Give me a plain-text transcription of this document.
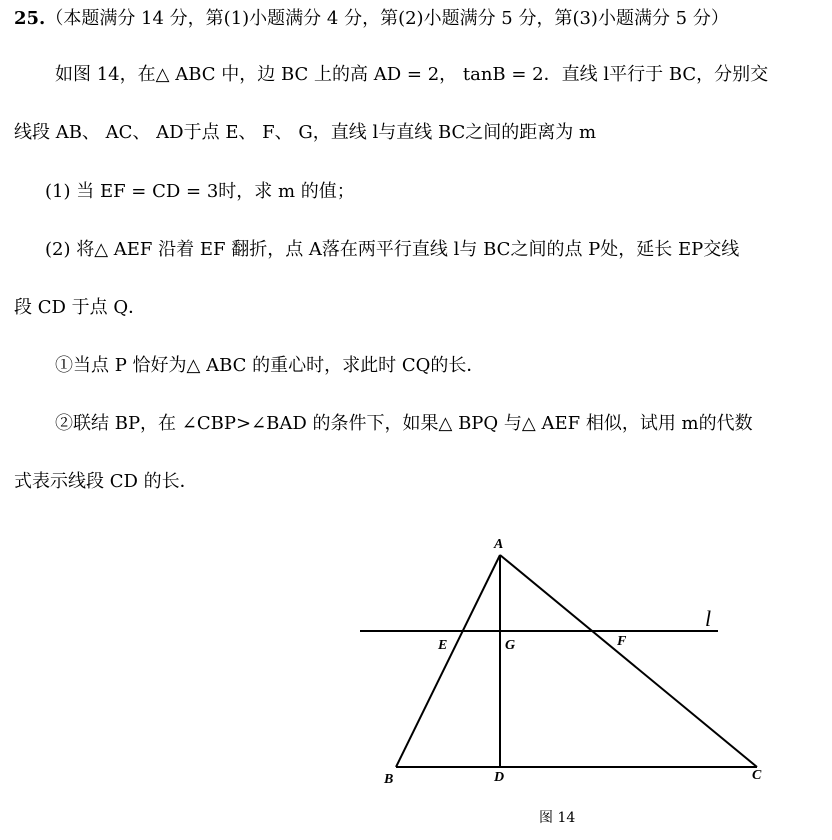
25.（本题满分 14 分，第(1)小题满分 4 分，第(2)小题满分 5 分，第(3)小题满分 5 分）
如图 14，在△ ABC 中，边 BC 上的高 AD = 2， tanB = 2．直线 l平行于 BC，分别交
线段 AB、 AC、 AD于点 E、 F、 G，直线 l与直线 BC之间的距离为 m
(1) 当 EF = CD = 3时，求 m 的值；
(2) 将△ AEF 沿着 EF 翻折，点 A落在两平行直线 l与 BC之间的点 P处，延长 EP交线
段 CD 于点 Q．
①当点 P 恰好为△ ABC 的重心时，求此时 CQ的长．
②联结 BP，在 ∠CBP>∠BAD 的条件下，如果△ BPQ 与△ AEF 相似，试用 m的代数
式表示线段 CD 的长．
A
E	G	F
l
B	D	C
图 14
